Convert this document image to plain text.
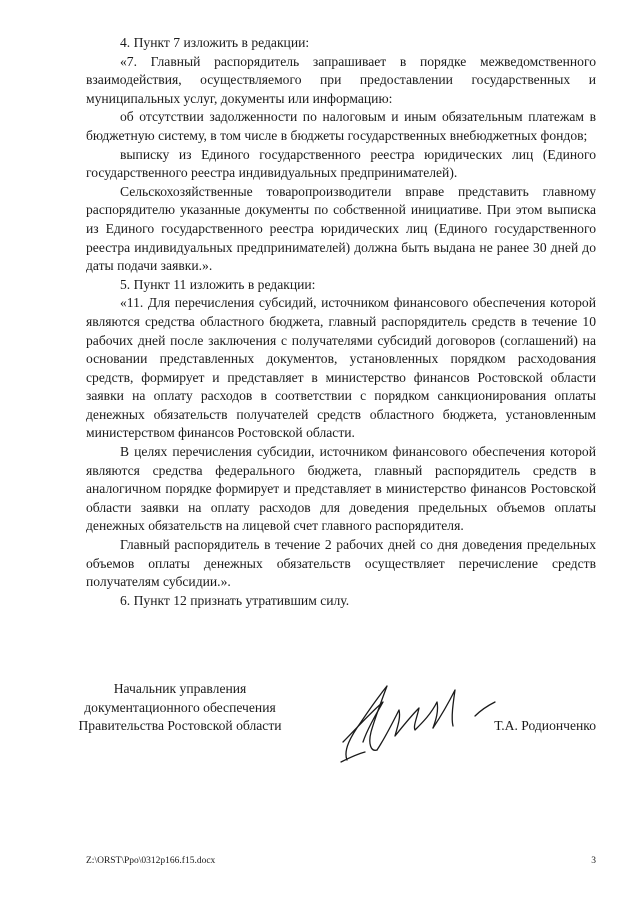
4. Пункт 7 изложить в редакции:

«7. Главный распорядитель запрашивает в порядке межведомственного взаимодействия, осуществляемого при предоставлении государственных и муниципальных услуг, документы или информацию:

об отсутствии задолженности по налоговым и иным обязательным платежам в бюджетную систему, в том числе в бюджеты государственных внебюджетных фондов;

выписку из Единого государственного реестра юридических лиц (Единого государственного реестра индивидуальных предпринимателей).

Сельскохозяйственные товаропроизводители вправе представить главному распорядителю указанные документы по собственной инициативе. При этом выписка из Единого государственного реестра юридических лиц (Единого государственного реестра индивидуальных предпринимателей) должна быть выдана не ранее 30 дней до даты подачи заявки.».

5. Пункт 11 изложить в редакции:

«11. Для перечисления субсидий, источником финансового обеспечения которой являются средства областного бюджета, главный распорядитель средств в течение 10 рабочих дней после заключения с получателями субсидий договоров (соглашений) на основании представленных документов, установленных порядком расходования средств, формирует и представляет в министерство финансов Ростовской области заявки на оплату расходов в соответствии с порядком санкционирования оплаты денежных обязательств получателей средств областного бюджета, установленным министерством финансов Ростовской области.

В целях перечисления субсидии, источником финансового обеспечения которой являются средства федерального бюджета, главный распорядитель средств в аналогичном порядке формирует и представляет в министерство финансов Ростовской области заявки на оплату расходов для доведения предельных объемов оплаты денежных обязательств на лицевой счет главного распорядителя.

Главный распорядитель в течение 2 рабочих дней со дня доведения предельных объемов оплаты денежных обязательств осуществляет перечисление средств получателям субсидии.».

6. Пункт 12 признать утратившим силу.

Начальник управления
документационного обеспечения
Правительства Ростовской области	Т.А. Родионченко
Z:\ORST\Ppo\0312p166.f15.docx	3
